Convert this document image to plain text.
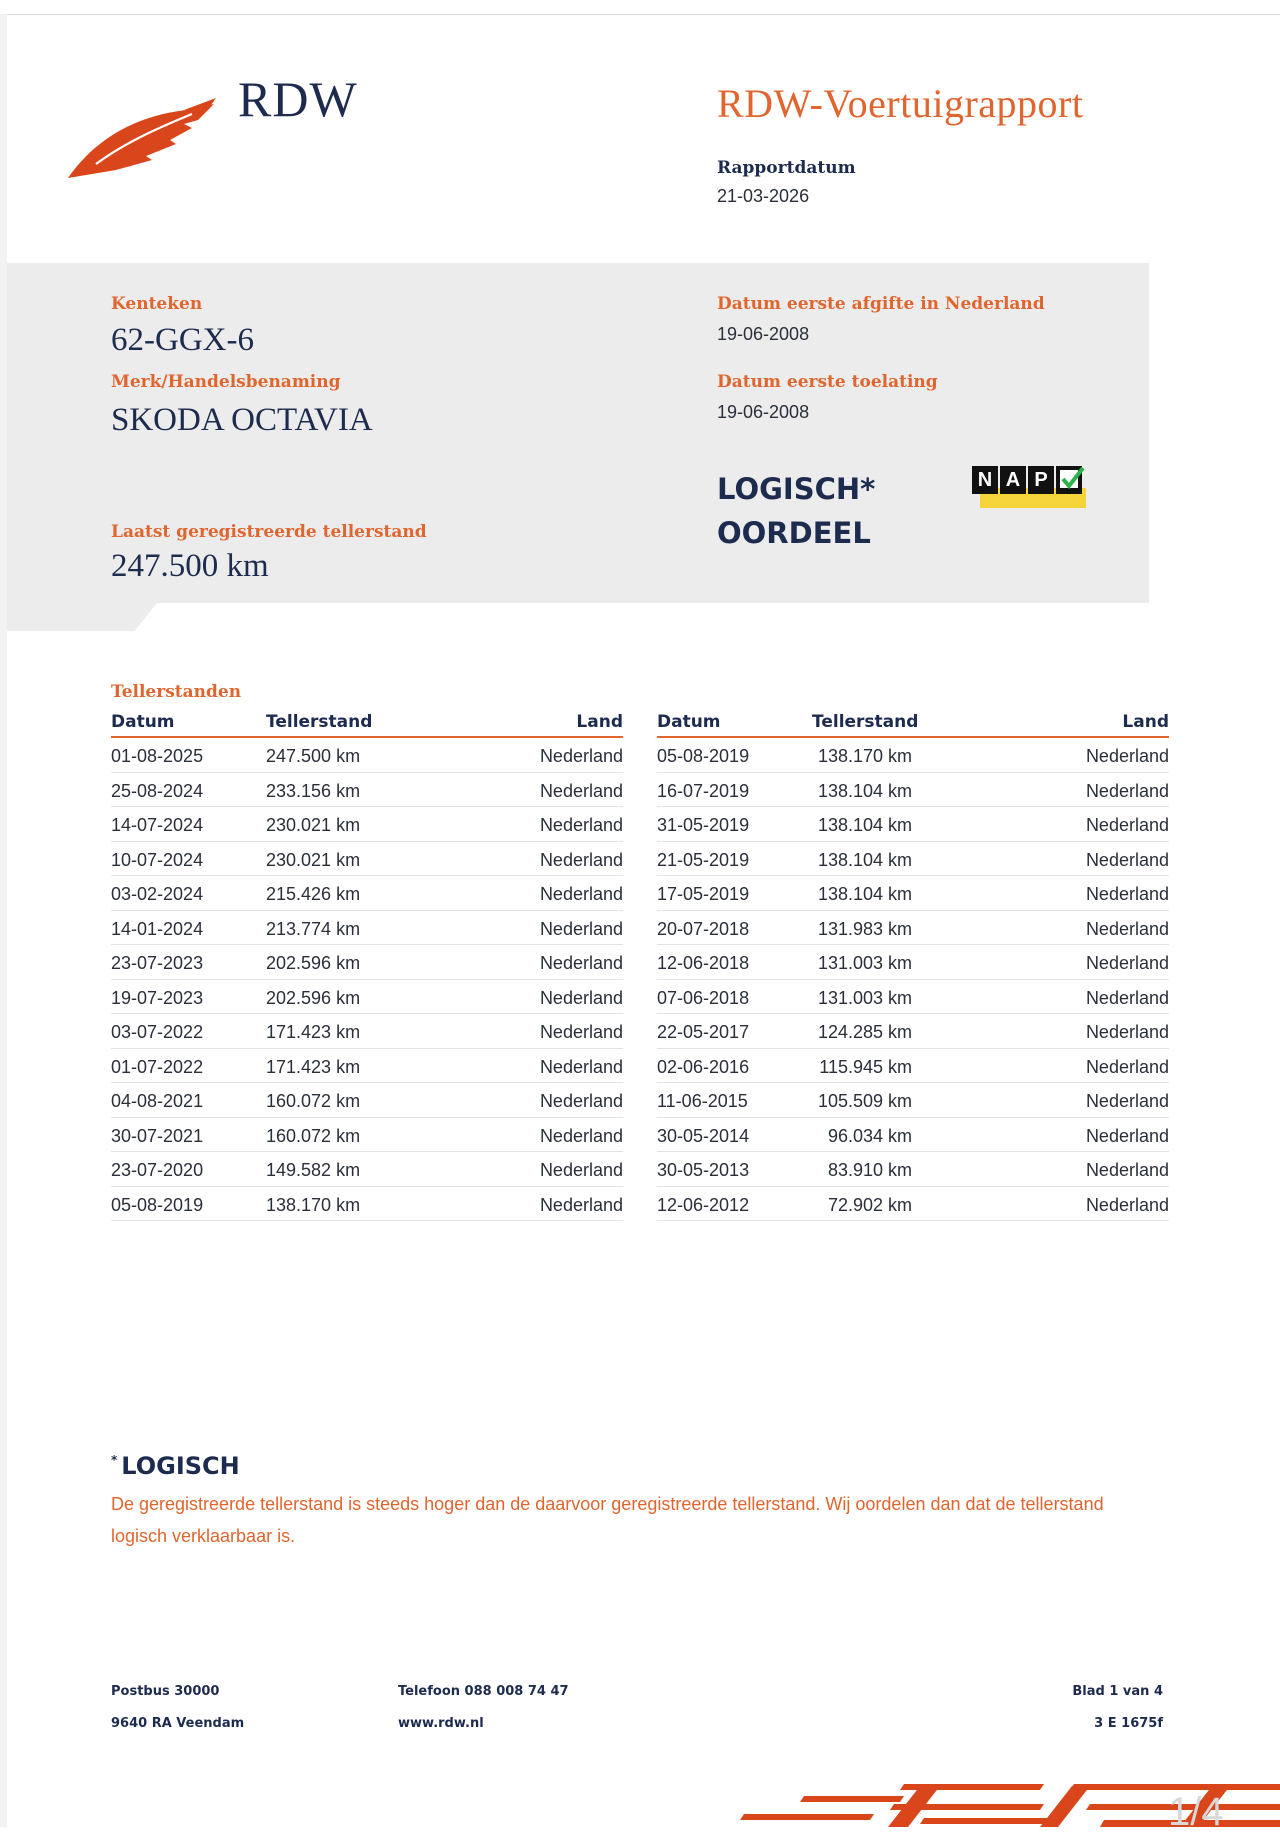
RDW	RDW-Voertuigrapport
Rapportdatum
21-03-2026
Kenteken
62-GGX-6
Merk/Handelsbenaming
SKODA OCTAVIA
Laatst geregistreerde tellerstand
247.500 km
Datum eerste afgifte in Nederland
19-06-2008
Datum eerste toelating
19-06-2008
LOGISCH*
OORDEEL
N A P
Tellerstanden
Datum	Tellerstand	Land
01-08-2025	247.500 km	Nederland
25-08-2024	233.156 km	Nederland
14-07-2024	230.021 km	Nederland
10-07-2024	230.021 km	Nederland
03-02-2024	215.426 km	Nederland
14-01-2024	213.774 km	Nederland
23-07-2023	202.596 km	Nederland
19-07-2023	202.596 km	Nederland
03-07-2022	171.423 km	Nederland
01-07-2022	171.423 km	Nederland
04-08-2021	160.072 km	Nederland
30-07-2021	160.072 km	Nederland
23-07-2020	149.582 km	Nederland
05-08-2019	138.170 km	Nederland
Datum	Tellerstand	Land
05-08-2019	138.170 km	Nederland
16-07-2019	138.104 km	Nederland
31-05-2019	138.104 km	Nederland
21-05-2019	138.104 km	Nederland
17-05-2019	138.104 km	Nederland
20-07-2018	131.983 km	Nederland
12-06-2018	131.003 km	Nederland
07-06-2018	131.003 km	Nederland
22-05-2017	124.285 km	Nederland
02-06-2016	115.945 km	Nederland
11-06-2015	105.509 km	Nederland
30-05-2014	96.034 km	Nederland
30-05-2013	83.910 km	Nederland
12-06-2012	72.902 km	Nederland
* LOGISCH
De geregistreerde tellerstand is steeds hoger dan de daarvoor geregistreerde tellerstand. Wij oordelen dan dat de tellerstand logisch verklaarbaar is.
Postbus 30000
9640 RA Veendam
Telefoon 088 008 74 47
www.rdw.nl
Blad 1 van 4
3 E 1675f
1/4
